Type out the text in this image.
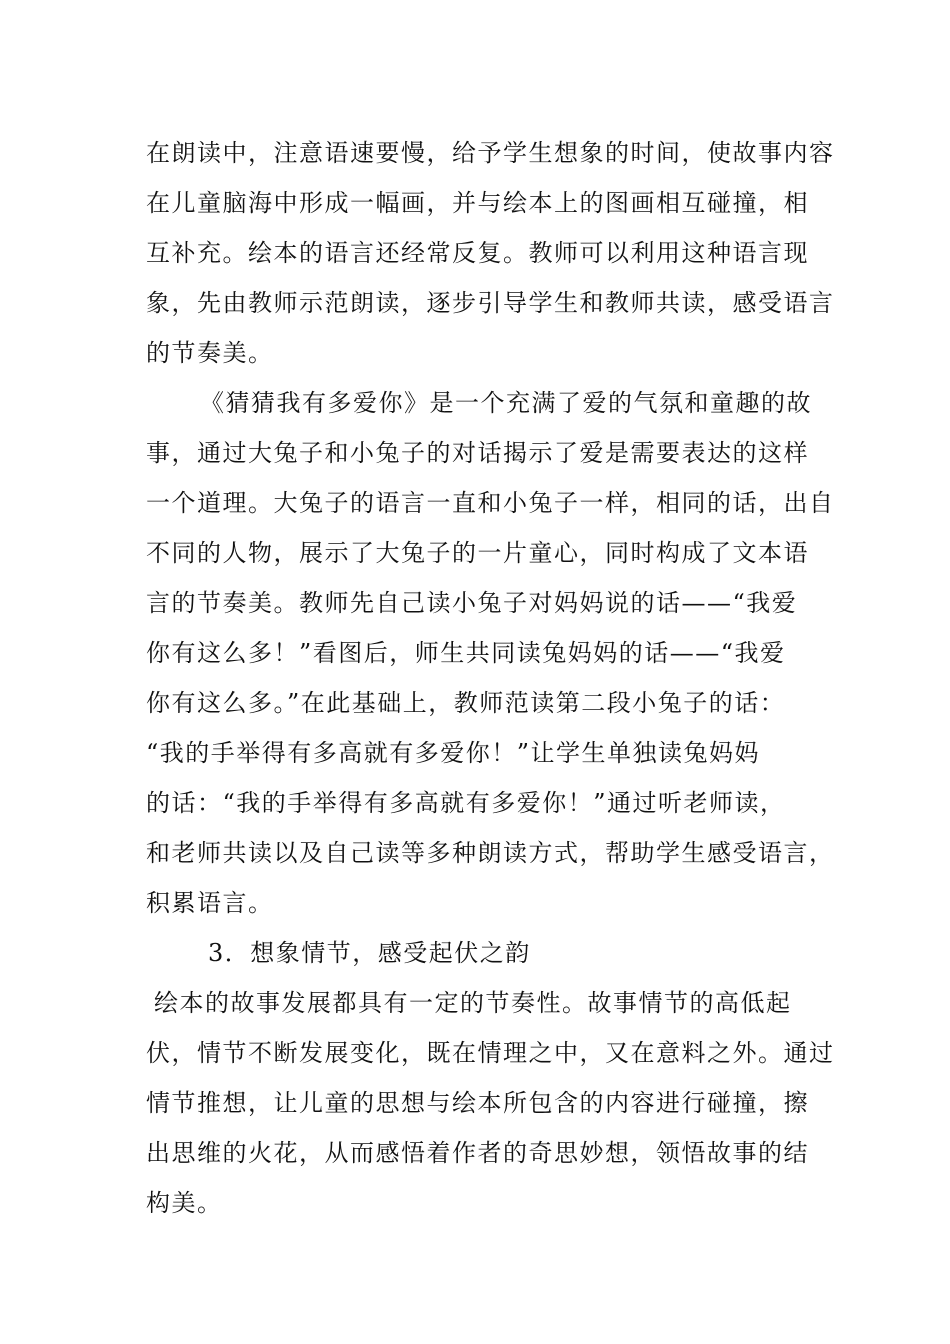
在朗读中，注意语速要慢，给予学生想象的时间，使故事内容
在儿童脑海中形成一幅画，并与绘本上的图画相互碰撞，相
互补充。绘本的语言还经常反复。教师可以利用这种语言现
象，先由教师示范朗读，逐步引导学生和教师共读，感受语言
的节奏美。
《猜猜我有多爱你》是一个充满了爱的气氛和童趣的故
事，通过大兔子和小兔子的对话揭示了爱是需要表达的这样
一个道理。大兔子的语言一直和小兔子一样，相同的话，出自
不同的人物，展示了大兔子的一片童心，同时构成了文本语
言的节奏美。教师先自己读小兔子对妈妈说的话——“我爱
你有这么多！”看图后，师生共同读兔妈妈的话——“我爱
你有这么多。”在此基础上，教师范读第二段小兔子的话：
“我的手举得有多高就有多爱你！”让学生单独读兔妈妈
的话：“我的手举得有多高就有多爱你！”通过听老师读，
和老师共读以及自己读等多种朗读方式，帮助学生感受语言，
积累语言。
3．想象情节，感受起伏之韵
绘本的故事发展都具有一定的节奏性。故事情节的高低起
伏，情节不断发展变化，既在情理之中，又在意料之外。通过
情节推想，让儿童的思想与绘本所包含的内容进行碰撞，擦
出思维的火花，从而感悟着作者的奇思妙想，领悟故事的结
构美。
